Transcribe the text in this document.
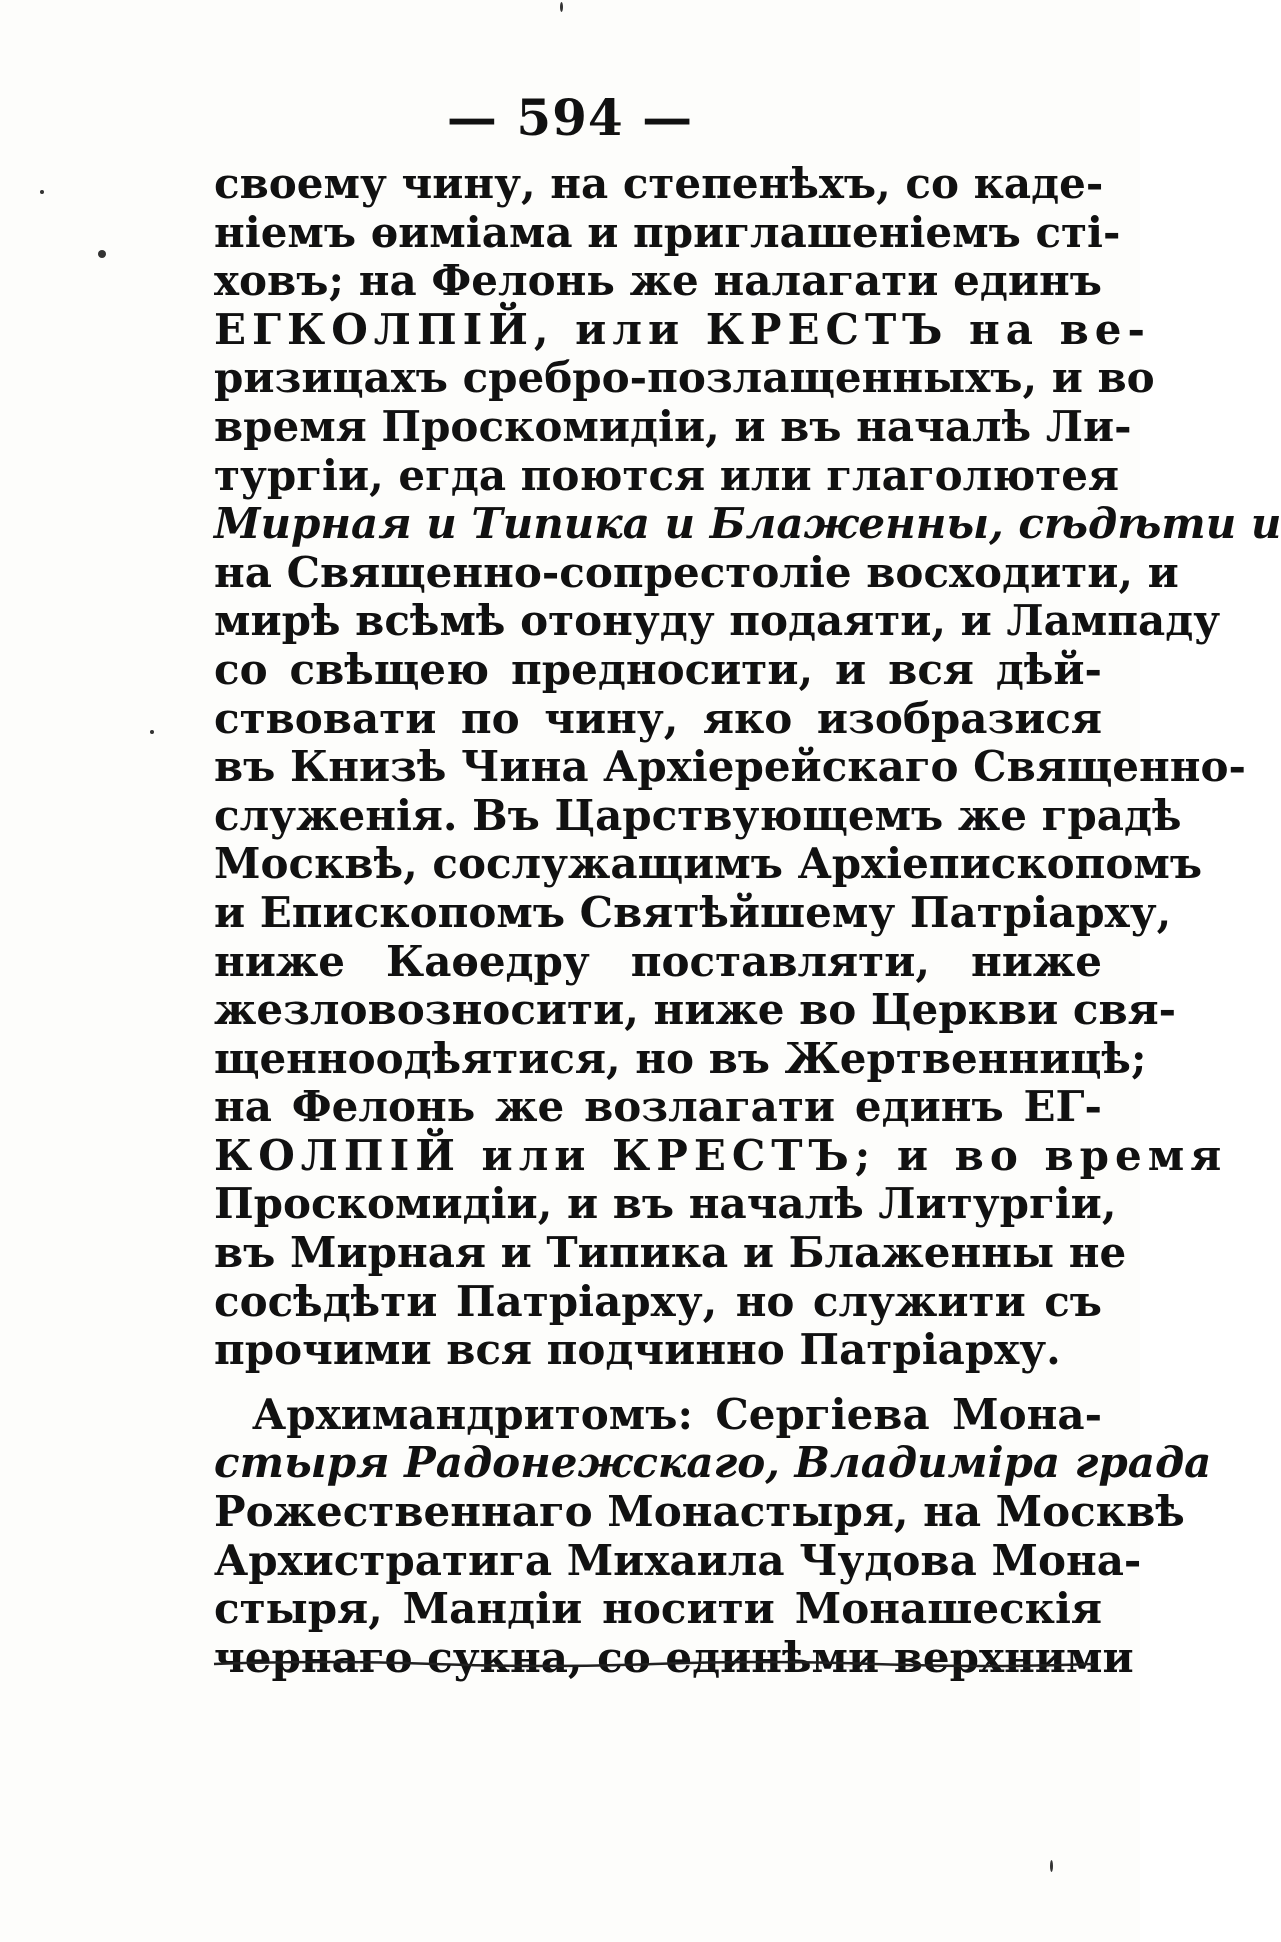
— 594 —
своему чину, на степенѣхъ, со каде-
ніемъ ѳиміама и приглашеніемъ стi-
ховъ; на Фелонь же налагати единъ
ЕГКОЛПІЙ, или КРЕСТЪ на ве-
ризицахъ сребро-позлащенныхъ, и во
время Проскомидіи, и въ началѣ Ли-
тургіи, егда поются или глаголютея
Мирная и Типика и Блаженны, сѣдѣти и
на Священно-сопрестоліе восходити, и
мирѣ всѣмѣ отонуду подаяти, и Лампаду
со свѣщею предносити, и вся дѣй-
ствовати по чину, яко изобразися
въ Книзѣ Чина Архіерейскаго Священно-
служенія. Въ Царствующемъ же градѣ
Москвѣ, сослужащимъ Архіепископомъ
и Епископомъ Святѣйшему Патріарху,
ниже Каѳедру поставляти, ниже
жезловозносити, ниже во Церкви свя-
щенноодѣятися, но въ Жертвенницѣ;
на Фелонь же возлагати единъ ЕГ-
КОЛПІЙ или КРЕСТЪ; и во время
Проскомидіи, и въ началѣ Литургіи,
въ Мирная и Типика и Блаженны не
сосѣдѣти Патріарху, но служити съ
прочими вся подчинно Патріарху.
Архимандритомъ: Сергіева Мона-
стыря Радонежскаго, Владиміра града
Рожественнаго Монастыря, на Москвѣ
Архистратига Михаила Чудова Мона-
стыря, Мандіи носити Монашескія
чернаго сукна, со единѣми верхними
